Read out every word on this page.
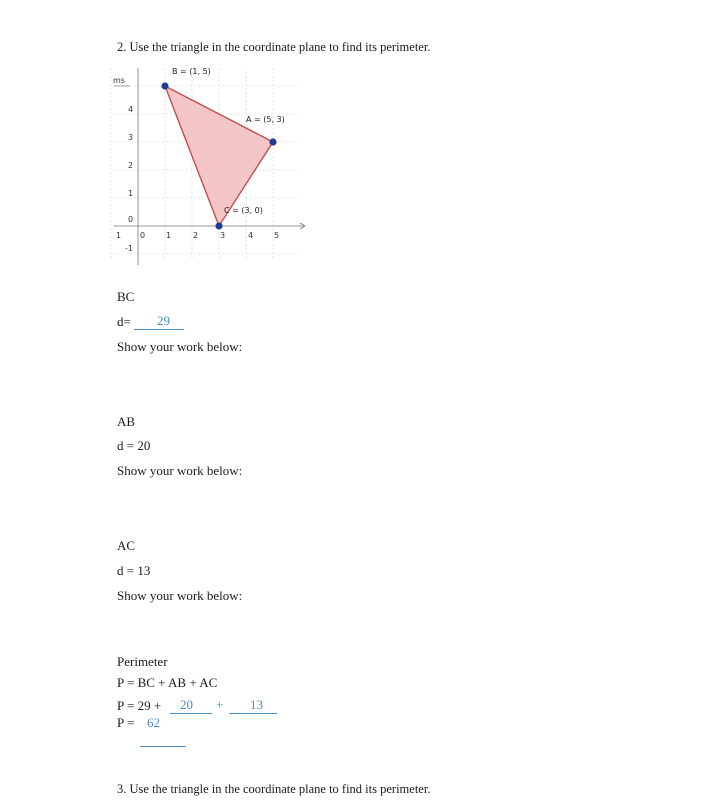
2. Use the triangle in the coordinate plane to find its perimeter.
B = (1, 5)
A = (5, 3)
C = (3, 0)
ms
4
3
2
1
0
-1
1 0	1	2	3	4	5
BC
d= 29
Show your work below:
AB
d = 20
Show your work below:
AC
d = 13
Show your work below:
Perimeter
P = BC + AB + AC
P = 29 + 20 + 13
P = 62
3. Use the triangle in the coordinate plane to find its perimeter.
